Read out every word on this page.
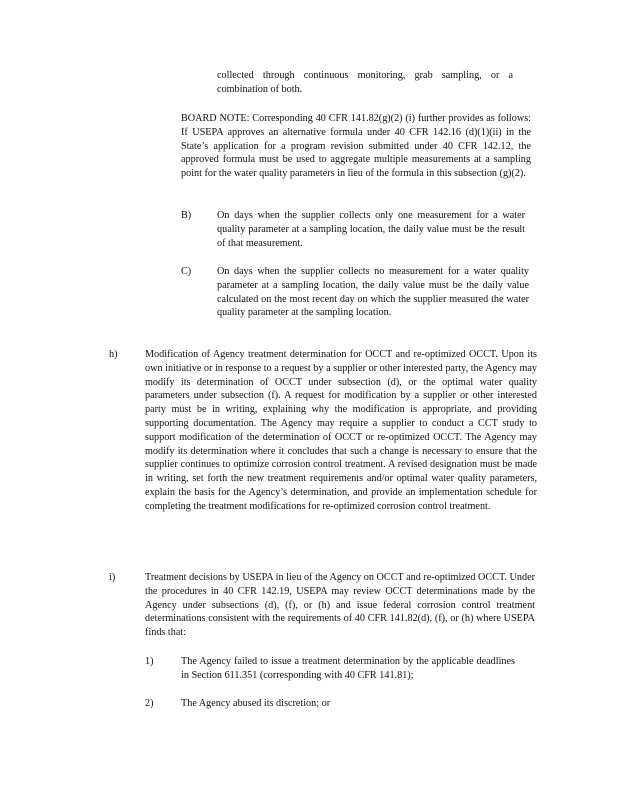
collected through continuous monitoring, grab sampling, or a combination of both.
BOARD NOTE: Corresponding 40 CFR 141.82(g)(2) (i) further provides as follows: If USEPA approves an alternative formula under 40 CFR 142.16 (d)(1)(ii) in the State’s application for a program revision submitted under 40 CFR 142.12, the approved formula must be used to aggregate multiple measurements at a sampling point for the water quality parameters in lieu of the formula in this subsection (g)(2).
B)	On days when the supplier collects only one measurement for a water quality parameter at a sampling location, the daily value must be the result of that measurement.
C)	On days when the supplier collects no measurement for a water quality parameter at a sampling location, the daily value must be the daily value calculated on the most recent day on which the supplier measured the water quality parameter at the sampling location.
h)	Modification of Agency treatment determination for OCCT and re-optimized OCCT. Upon its own initiative or in response to a request by a supplier or other interested party, the Agency may modify its determination of OCCT under subsection (d), or the optimal water quality parameters under subsection (f). A request for modification by a supplier or other interested party must be in writing, explaining why the modification is appropriate, and providing supporting documentation. The Agency may require a supplier to conduct a CCT study to support modification of the determination of OCCT or re-optimized OCCT. The Agency may modify its determination where it concludes that such a change is necessary to ensure that the supplier continues to optimize corrosion control treatment. A revised designation must be made in writing, set forth the new treatment requirements and/or optimal water quality parameters, explain the basis for the Agency’s determination, and provide an implementation schedule for completing the treatment modifications for re-optimized corrosion control treatment.
i)	Treatment decisions by USEPA in lieu of the Agency on OCCT and re-optimized OCCT. Under the procedures in 40 CFR 142.19, USEPA may review OCCT determinations made by the Agency under subsections (d), (f), or (h) and issue federal corrosion control treatment determinations consistent with the requirements of 40 CFR 141.82(d), (f), or (h) where USEPA finds that:
1)	The Agency failed to issue a treatment determination by the applicable deadlines in Section 611.351 (corresponding with 40 CFR 141.81);
2)	The Agency abused its discretion; or
